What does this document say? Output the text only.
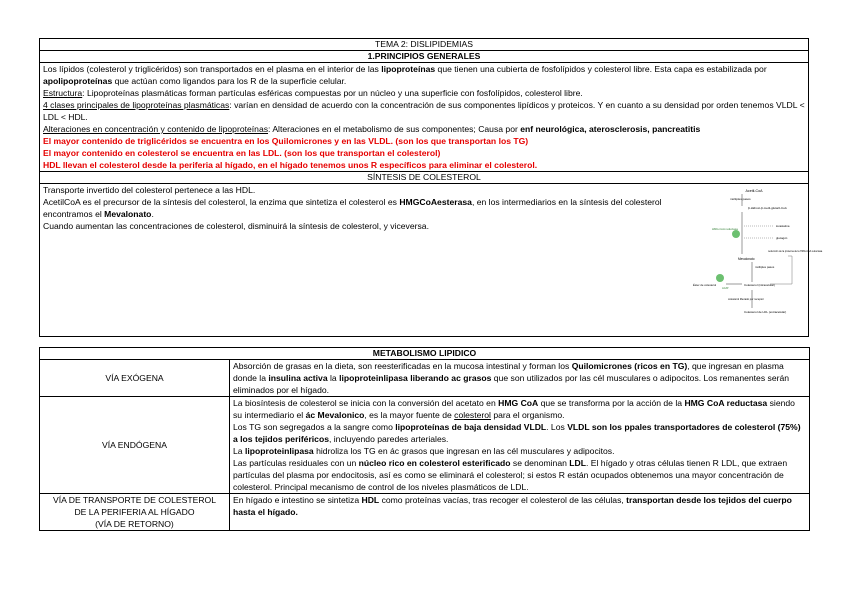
TEMA 2: DISLIPIDEMIAS
1.PRINCIPIOS GENERALES

Los lípidos (colesterol y triglicéridos) son transportados en el plasma en el interior de las lipoproteínas que tienen una cubierta de fosfolípidos y colesterol libre. Esta capa es estabilizada por apolipoproteínas que actúan como ligandos para los R de la superficie celular.

Estructura: Lipoproteínas plasmáticas forman partículas esféricas compuestas por un núcleo y una superficie con fosfolípidos, colesterol libre.

4 clases principales de lipoproteínas plasmáticas: varían en densidad de acuerdo con la concentración de sus componentes lipídicos y proteicos. Y en cuanto a su densidad por orden tenemos VLDL < LDL < HDL.

Alteraciones en concentración y contenido de lipoproteínas: Alteraciones en el metabolismo de sus componentes; Causa por enf neurológica, aterosclerosis, pancreatitis

El mayor contenido de triglicéridos se encuentra en los Quilomicrones y en las VLDL. (son los que transportan los TG)

El mayor contenido en colesterol se encuentra en las LDL. (son los que transportan el colesterol)

HDL llevan el colesterol desde la periferia al hígado, en el hígado tenemos unos R específicos para eliminar el colesterol.

SÍNTESIS DE COLESTEROL

Transporte invertido del colesterol pertenece a las HDL.

AcetilCoA es el precursor de la síntesis del colesterol, la enzima que sintetiza el colesterol es HMGCoAesterasa, en los intermediarios en la síntesis del colesterol encontramos el Mevalonato.

Cuando aumentan las concentraciones de colesterol, disminuirá la síntesis de colesterol, y viceversa.

Acetil-CoA
múltiples pasos
β-Hidroxi-β-metil-glutaril-CoA
HMG-CoA reductasa
lovastatina
glucagón
Mevalonato
múltiples pasos
reducción de la proteína de la HMG-CoA reductasa
Colesterol (intracelular)
Éster de colesterol
ACAT
colesterol liberado por receptor
Colesterol de LDL (extracelular)
METABOLISMO LIPIDICO	
VÍA EXÓGENA	Absorción de grasas en la dieta, son reesterificadas en la mucosa intestinal y forman los Quilomicrones (ricos en TG), que ingresan en plasma donde la insulina activa la lipoproteinlipasa liberando ac grasos que son utilizados por las cél musculares o adipocitos. Los remanentes serán eliminados por el hígado.
VÍA ENDÓGENA	La biosíntesis de colesterol se inicia con la conversión del acetato en HMG CoA que se transforma por la acción de la HMG CoA reductasa siendo su intermediario el ác Mevalonico, es la mayor fuente de colesterol para el organismo.

Los TG son segregados a la sangre como lipoproteínas de baja densidad VLDL. Los VLDL son los ppales transportadores de colesterol (75%) a los tejidos periféricos, incluyendo paredes arteriales.

La lipoproteinlipasa hidroliza los TG en ác grasos que ingresan en las cél musculares y adipocitos.

Las partículas residuales con un núcleo rico en colesterol esterificado se denominan LDL. El hígado y otras células tienen R LDL, que extraen partículas del plasma por endocitosis, así es como se eliminará el colesterol; si estos R están ocupados obtenemos una mayor concentración de colesterol. Principal mecanismo de control de los niveles plasmáticos de LDL.

VÍA DE TRANSPORTE DE COLESTEROL
DE LA PERIFERIA AL HÍGADO
(VÍA DE RETORNO)	En hígado e intestino se sintetiza HDL como proteínas vacías, tras recoger el colesterol de las células, transportan desde los tejidos del cuerpo hasta el hígado.
